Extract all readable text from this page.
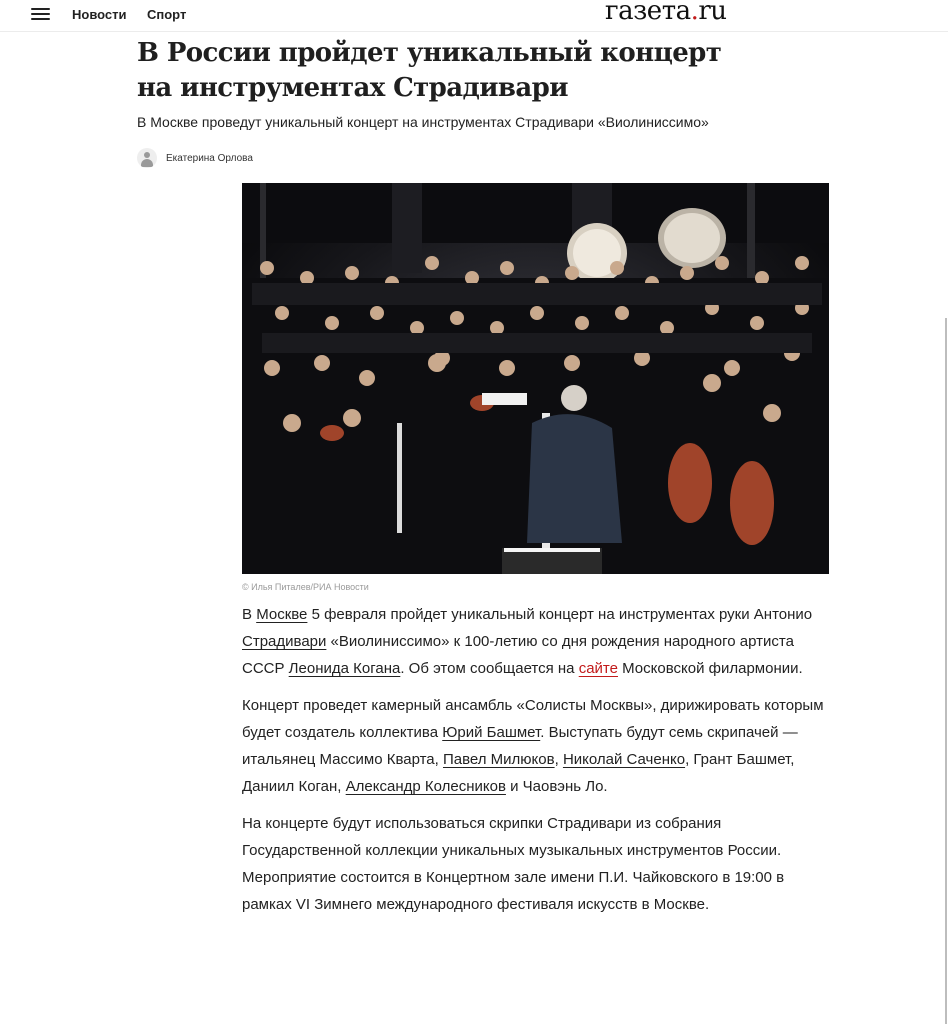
Новости Спорт	газета.ru
В России пройдет уникальный концерт
на инструментах Страдивари
В Москве проведут уникальный концерт на инструментах Страдивари «Виолиниссимо»
Екатерина Орлова
© Илья Питалев/РИА Новости

В Москве 5 февраля пройдет уникальный концерт на инструментах руки Антонио Страдивари «Виолиниссимо» к 100-летию со дня рождения народного артиста СССР Леонида Когана. Об этом сообщается на сайте Московской филармонии.

Концерт проведет камерный ансамбль «Солисты Москвы», дирижировать которым будет создатель коллектива Юрий Башмет. Выступать будут семь скрипачей — итальянец Массимо Кварта, Павел Милюков, Николай Саченко, Грант Башмет, Даниил Коган, Александр Колесников и Чаовэнь Ло.

На концерте будут использоваться скрипки Страдивари из собрания Государственной коллекции уникальных музыкальных инструментов России. Мероприятие состоится в Концертном зале имени П.И. Чайковского в 19:00 в рамках VI Зимнего международного фестиваля искусств в Москве.
